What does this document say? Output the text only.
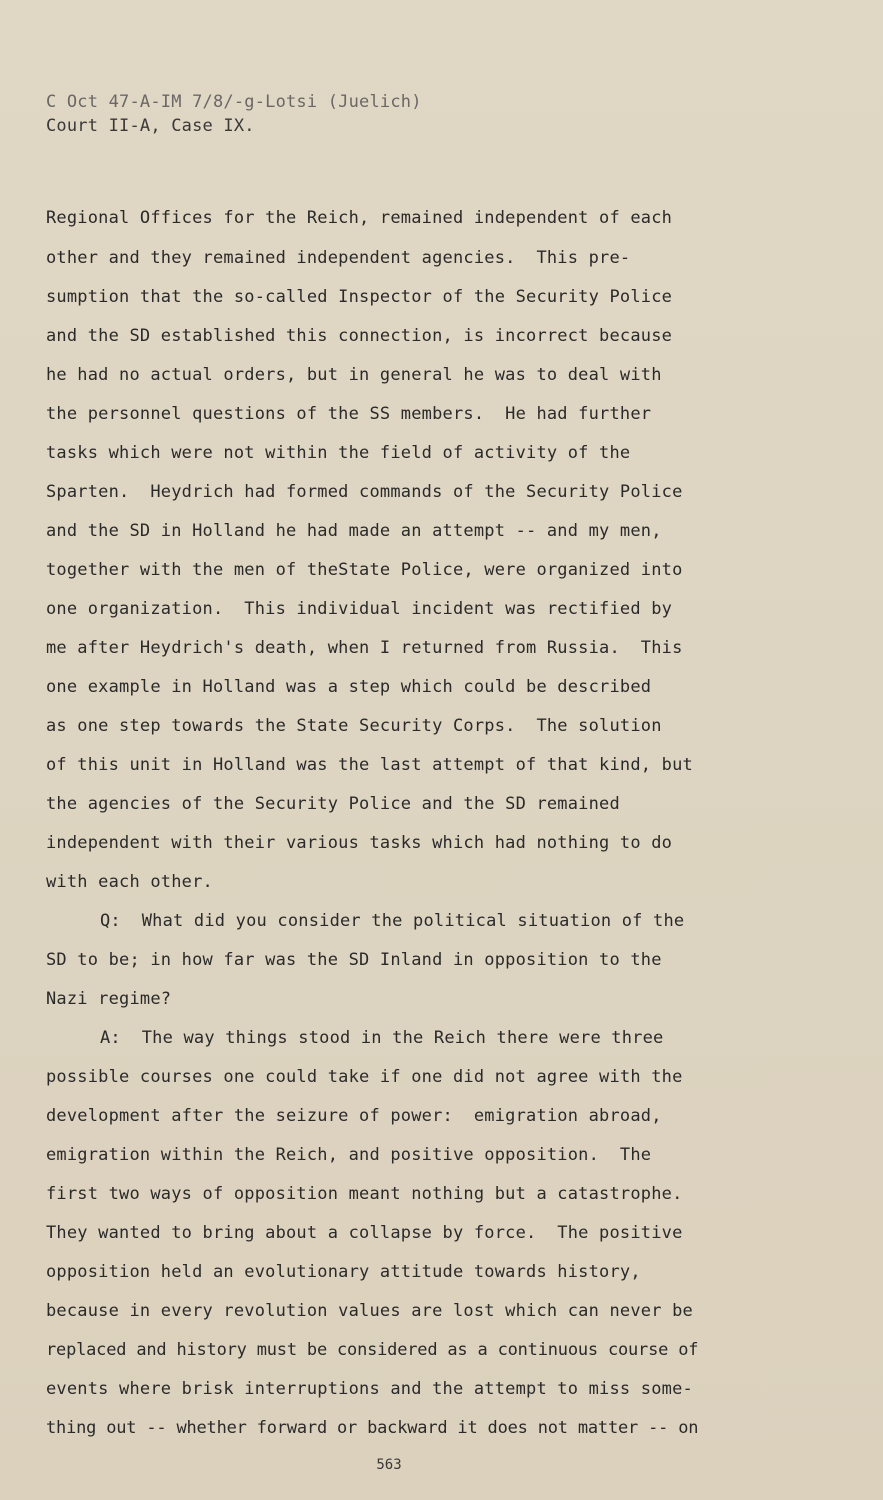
C Oct 47-A-IM 7/8/-g-Lotsi (Juelich)
Court II-A, Case IX.
Regional Offices for the Reich, remained independent of each
other and they remained independent agencies.  This pre-
sumption that the so-called Inspector of the Security Police
and the SD established this connection, is incorrect because
he had no actual orders, but in general he was to deal with
the personnel questions of the SS members.  He had further
tasks which were not within the field of activity of the
Sparten.  Heydrich had formed commands of the Security Police
and the SD in Holland he had made an attempt -- and my men,
together with the men of theState Police, were organized into
one organization.  This individual incident was rectified by
me after Heydrich's death, when I returned from Russia.  This
one example in Holland was a step which could be described
as one step towards the State Security Corps.  The solution
of this unit in Holland was the last attempt of that kind, but
the agencies of the Security Police and the SD remained
independent with their various tasks which had nothing to do
with each other.
Q:  What did you consider the political situation of the
SD to be; in how far was the SD Inland in opposition to the
Nazi regime?
A:  The way things stood in the Reich there were three
possible courses one could take if one did not agree with the
development after the seizure of power:  emigration abroad,
emigration within the Reich, and positive opposition.  The
first two ways of opposition meant nothing but a catastrophe.
They wanted to bring about a collapse by force.  The positive
opposition held an evolutionary attitude towards history,
because in every revolution values are lost which can never be
replaced and history must be considered as a continuous course of
events where brisk interruptions and the attempt to miss some-
thing out -- whether forward or backward it does not matter -- on
563
